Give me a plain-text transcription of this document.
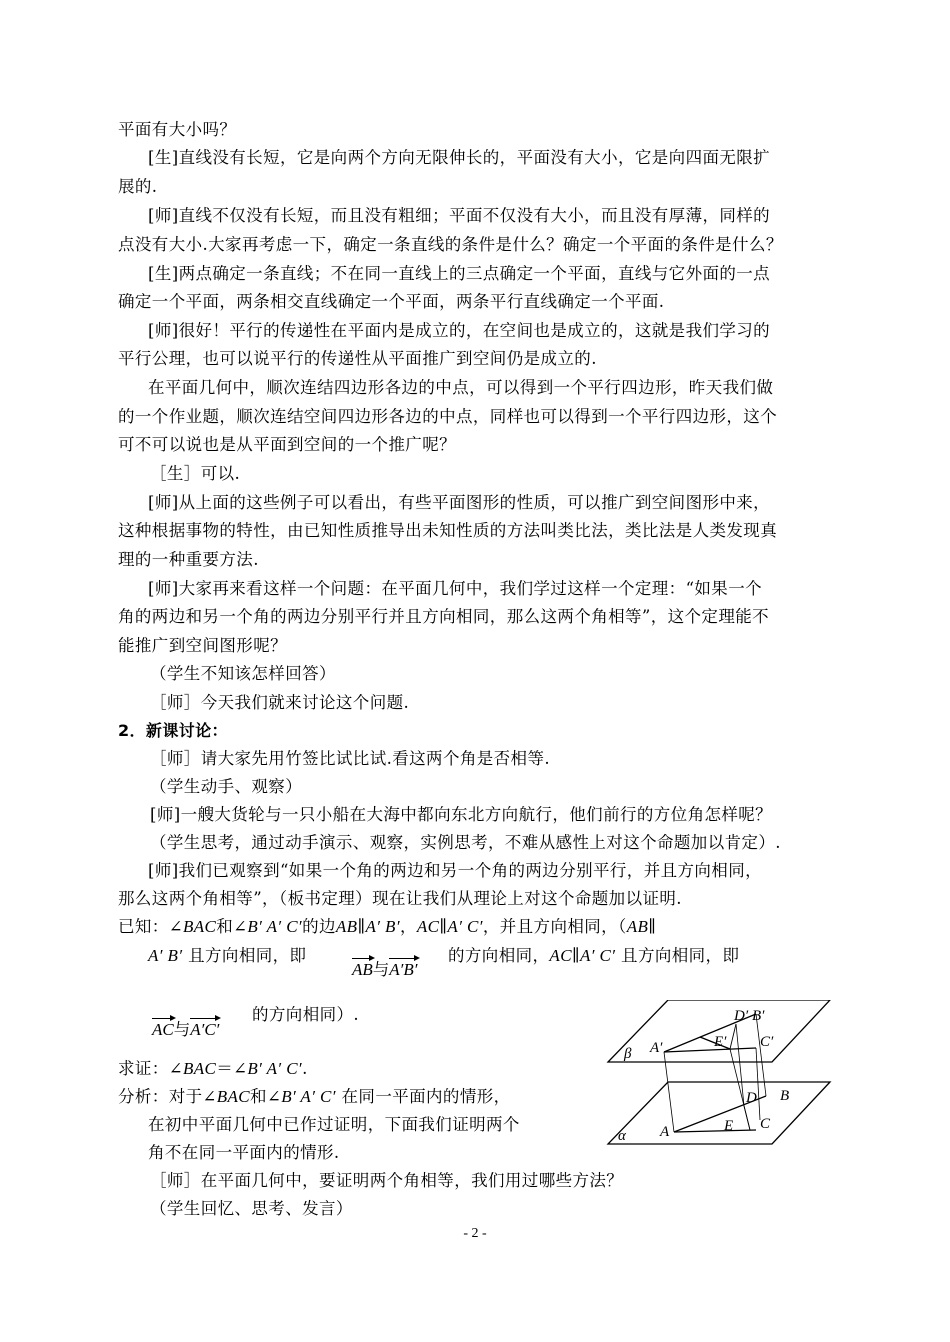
平面有大小吗？
[生]直线没有长短，它是向两个方向无限伸长的，平面没有大小，它是向四面无限扩
展的.
[师]直线不仅没有长短，而且没有粗细；平面不仅没有大小，而且没有厚薄，同样的
点没有大小.大家再考虑一下，确定一条直线的条件是什么？确定一个平面的条件是什么？
[生]两点确定一条直线；不在同一直线上的三点确定一个平面，直线与它外面的一点
确定一个平面，两条相交直线确定一个平面，两条平行直线确定一个平面.
[师]很好！平行的传递性在平面内是成立的，在空间也是成立的，这就是我们学习的
平行公理，也可以说平行的传递性从平面推广到空间仍是成立的.
在平面几何中，顺次连结四边形各边的中点，可以得到一个平行四边形，昨天我们做
的一个作业题，顺次连结空间四边形各边的中点，同样也可以得到一个平行四边形，这个
可不可以说也是从平面到空间的一个推广呢？
［生］可以.
[师]从上面的这些例子可以看出，有些平面图形的性质，可以推广到空间图形中来，
这种根据事物的特性，由已知性质推导出未知性质的方法叫类比法，类比法是人类发现真
理的一种重要方法.
[师]大家再来看这样一个问题：在平面几何中，我们学过这样一个定理：“如果一个
角的两边和另一个角的两边分别平行并且方向相同，那么这两个角相等”，这个定理能不
能推广到空间图形呢？
（学生不知该怎样回答）
［师］今天我们就来讨论这个问题.
2．新课讨论：
［师］请大家先用竹签比试比试.看这两个角是否相等.
（学生动手、观察）
[师]一艘大货轮与一只小船在大海中都向东北方向航行，他们前行的方位角怎样呢？
（学生思考，通过动手演示、观察，实例思考，不难从感性上对这个命题加以肯定）.
[师]我们已观察到“如果一个角的两边和另一个角的两边分别平行，并且方向相同，
那么这两个角相等”，（板书定理）现在让我们从理论上对这个命题加以证明.
已知：∠BAC和∠B′ A′ C′的边AB∥A′ B′，AC∥A′ C′，并且方向相同，（AB∥
A′ B′ 且方向相同，即
AB与A′B′
的方向相同，AC∥A′ C′ 且方向相同，即
AC与A′C′
的方向相同）.
求证：∠BAC＝∠B′ A′ C′.
分析：对于∠BAC和∠B′ A′ C′ 在同一平面内的情形，
在初中平面几何中已作过证明，下面我们证明两个
角不在同一平面内的情形.
［师］在平面几何中，要证明两个角相等，我们用过哪些方法？
（学生回忆、思考、发言）
- 2 -
β A′
D′ B′
E′ C′
α A
D B
E C
